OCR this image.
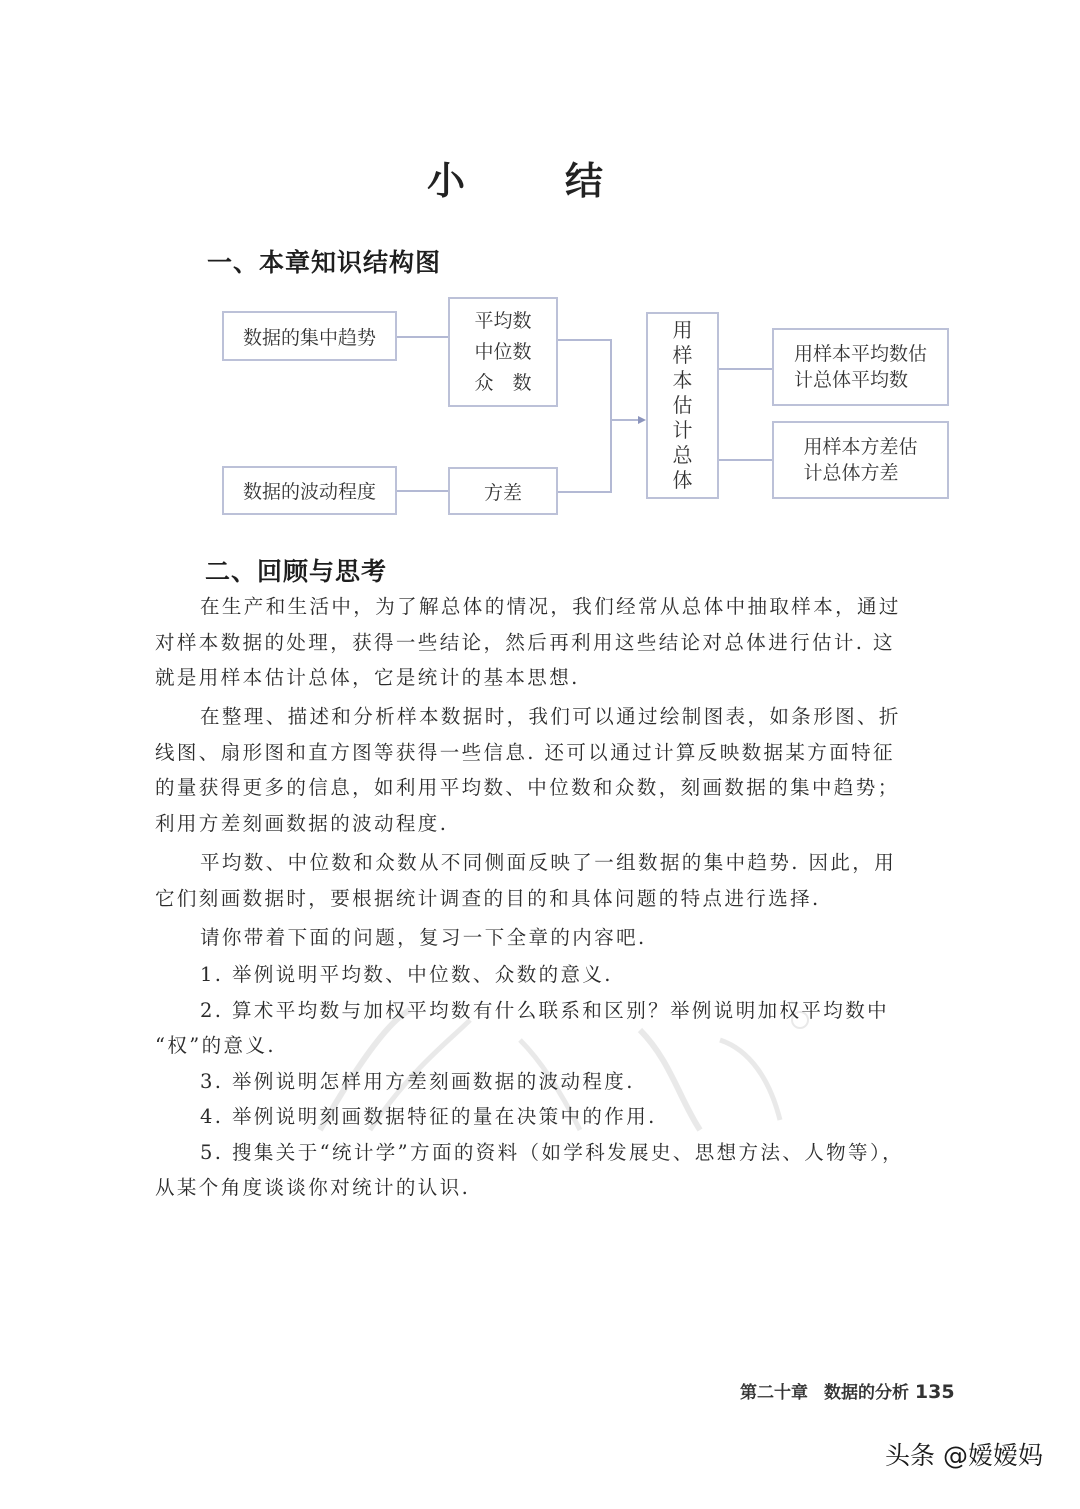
小 结
一、本章知识结构图
数据的集中趋势
数据的波动程度
平均数
中位数
众　数
方差
用
样
本
估
计
总
体
用样本平均数估
计总体平均数
用样本方差估
计总体方差
二、回顾与思考
在生产和生活中，为了解总体的情况，我们经常从总体中抽取样本，通过
对样本数据的处理，获得一些结论，然后再利用这些结论对总体进行估计. 这
就是用样本估计总体，它是统计的基本思想.
在整理、描述和分析样本数据时，我们可以通过绘制图表，如条形图、折
线图、扇形图和直方图等获得一些信息. 还可以通过计算反映数据某方面特征
的量获得更多的信息，如利用平均数、中位数和众数，刻画数据的集中趋势；
利用方差刻画数据的波动程度.
平均数、中位数和众数从不同侧面反映了一组数据的集中趋势. 因此，用
它们刻画数据时，要根据统计调查的目的和具体问题的特点进行选择.
请你带着下面的问题，复习一下全章的内容吧.
1. 举例说明平均数、中位数、众数的意义.
2. 算术平均数与加权平均数有什么联系和区别？举例说明加权平均数中
“权”的意义.
3. 举例说明怎样用方差刻画数据的波动程度.
4. 举例说明刻画数据特征的量在决策中的作用.
5. 搜集关于“统计学”方面的资料（如学科发展史、思想方法、人物等），
从某个角度谈谈你对统计的认识.
第二十章 数据的分析 135
头条 @嫒嫒妈
